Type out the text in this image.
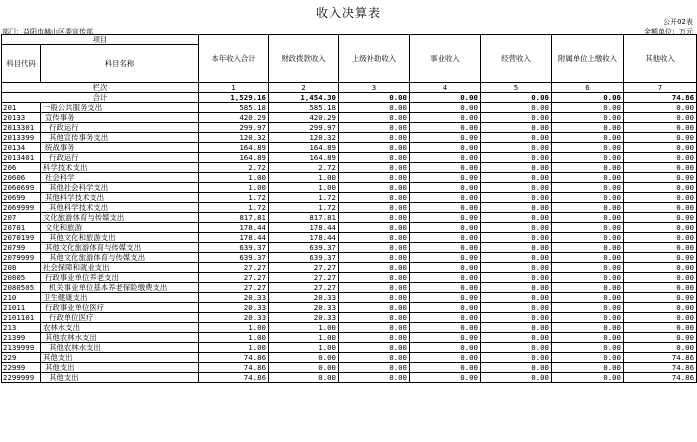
收入决算表
公开02表
部门：益阳市赫山区委宣传部	金额单位：万元
项目		本年收入合计	财政拨款收入	上级补助收入	事业收入	经营收入	附属单位上缴收入	其他收入
科目代码	科目名称							
栏次		1	2	3	4	5	6	7
合计		1,529.16	1,454.30	0.00	0.00	0.00	0.00	74.86
201	一般公共服务支出	585.18	585.18	0.00	0.00	0.00	0.00	0.00
20133	宣传事务	420.29	420.29	0.00	0.00	0.00	0.00	0.00
2013301	行政运行	299.97	299.97	0.00	0.00	0.00	0.00	0.00
2013399	其他宣传事务支出	120.32	120.32	0.00	0.00	0.00	0.00	0.00
20134	统战事务	164.89	164.89	0.00	0.00	0.00	0.00	0.00
2013401	行政运行	164.89	164.89	0.00	0.00	0.00	0.00	0.00
206	科学技术支出	2.72	2.72	0.00	0.00	0.00	0.00	0.00
20606	社会科学	1.00	1.00	0.00	0.00	0.00	0.00	0.00
2060699	其他社会科学支出	1.00	1.00	0.00	0.00	0.00	0.00	0.00
20699	其他科学技术支出	1.72	1.72	0.00	0.00	0.00	0.00	0.00
2069999	其他科学技术支出	1.72	1.72	0.00	0.00	0.00	0.00	0.00
207	文化旅游体育与传媒支出	817.81	817.81	0.00	0.00	0.00	0.00	0.00
20701	文化和旅游	178.44	178.44	0.00	0.00	0.00	0.00	0.00
2070199	其他文化和旅游支出	178.44	178.44	0.00	0.00	0.00	0.00	0.00
20799	其他文化旅游体育与传媒支出	639.37	639.37	0.00	0.00	0.00	0.00	0.00
2079999	其他文化旅游体育与传媒支出	639.37	639.37	0.00	0.00	0.00	0.00	0.00
208	社会保障和就业支出	27.27	27.27	0.00	0.00	0.00	0.00	0.00
20805	行政事业单位养老支出	27.27	27.27	0.00	0.00	0.00	0.00	0.00
2080505	机关事业单位基本养老保险缴费支出	27.27	27.27	0.00	0.00	0.00	0.00	0.00
210	卫生健康支出	20.33	20.33	0.00	0.00	0.00	0.00	0.00
21011	行政事业单位医疗	20.33	20.33	0.00	0.00	0.00	0.00	0.00
2101101	行政单位医疗	20.33	20.33	0.00	0.00	0.00	0.00	0.00
213	农林水支出	1.00	1.00	0.00	0.00	0.00	0.00	0.00
21399	其他农林水支出	1.00	1.00	0.00	0.00	0.00	0.00	0.00
2139999	其他农林水支出	1.00	1.00	0.00	0.00	0.00	0.00	0.00
229	其他支出	74.86	0.00	0.00	0.00	0.00	0.00	74.86
22999	其他支出	74.86	0.00	0.00	0.00	0.00	0.00	74.86
2299999	其他支出	74.86	0.00	0.00	0.00	0.00	0.00	74.86
